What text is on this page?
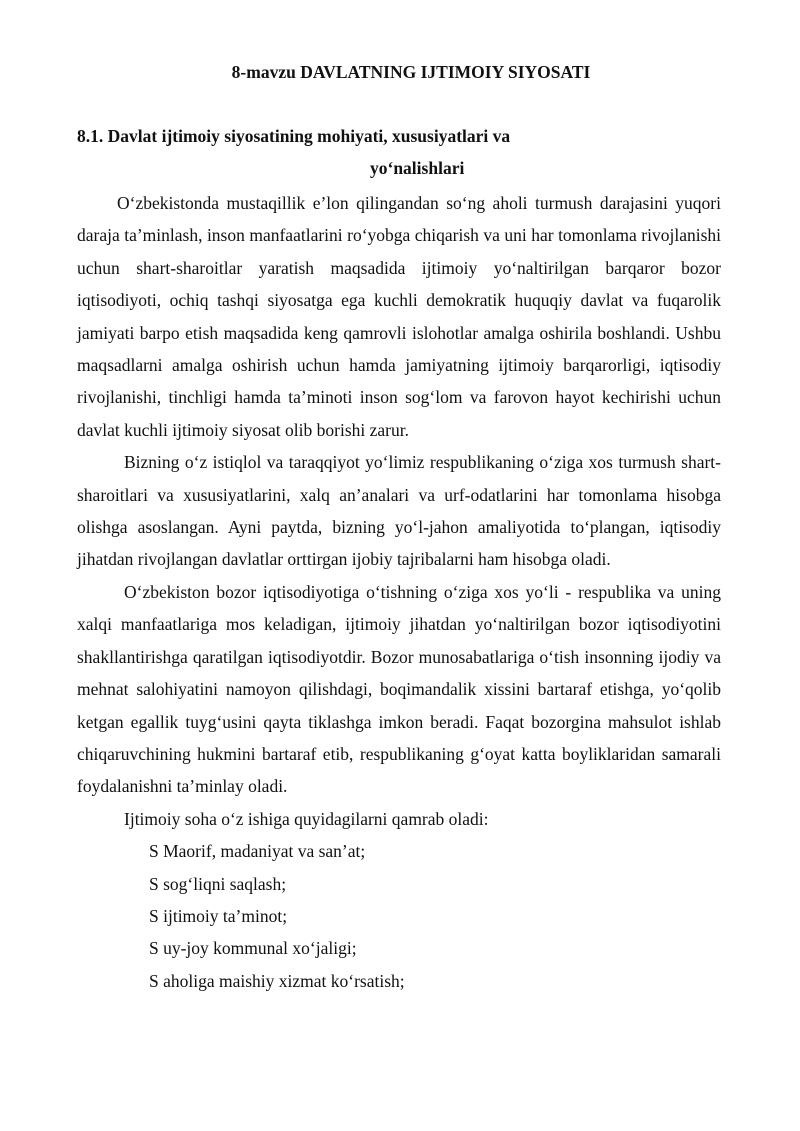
8-mavzu DAVLATNING IJTIMOIY SIYOSATI
8.1. Davlat ijtimoiy siyosatining mohiyati, xususiyatlari va
yo‘nalishlari

O‘zbekistonda mustaqillik e’lon qilingandan so‘ng aholi turmush darajasini yuqori daraja ta’minlash, inson manfaatlarini ro‘yobga chiqarish va uni har tomonlama rivojlanishi uchun shart-sharoitlar yaratish maqsadida ijtimoiy yo‘naltirilgan barqaror bozor iqtisodiyoti, ochiq tashqi siyosatga ega kuchli demokratik huquqiy davlat va fuqarolik jamiyati barpo etish maqsadida keng qamrovli islohotlar amalga oshirila boshlandi. Ushbu maqsadlarni amalga oshirish uchun hamda jamiyatning ijtimoiy barqarorligi, iqtisodiy rivojlanishi, tinchligi hamda ta’minoti inson sog‘lom va farovon hayot kechirishi uchun davlat kuchli ijtimoiy siyosat olib borishi zarur.

Bizning o‘z istiqlol va taraqqiyot yo‘limiz respublikaning o‘ziga xos turmush shart-sharoitlari va xususiyatlarini, xalq an’analari va urf-odatlarini har tomonlama hisobga olishga asoslangan. Ayni paytda, bizning yo‘l-jahon amaliyotida to‘plangan, iqtisodiy jihatdan rivojlangan davlatlar orttirgan ijobiy tajribalarni ham hisobga oladi.

O‘zbekiston bozor iqtisodiyotiga o‘tishning o‘ziga xos yo‘li - respublika va uning xalqi manfaatlariga mos keladigan, ijtimoiy jihatdan yo‘naltirilgan bozor iqtisodiyotini shakllantirishga qaratilgan iqtisodiyotdir. Bozor munosabatlariga o‘tish insonning ijodiy va mehnat salohiyatini namoyon qilishdagi, boqimandalik xissini bartaraf etishga, yo‘qolib ketgan egallik tuyg‘usini qayta tiklashga imkon beradi. Faqat bozorgina mahsulot ishlab chiqaruvchining hukmini bartaraf etib, respublikaning g‘oyat katta boyliklaridan samarali foydalanishni ta’minlay oladi.

Ijtimoiy soha o‘z ishiga quyidagilarni qamrab oladi:

S Maorif, madaniyat va san’at;
S sog‘liqni saqlash;
S ijtimoiy ta’minot;
S uy-joy kommunal xo‘jaligi;
S aholiga maishiy xizmat ko‘rsatish;
